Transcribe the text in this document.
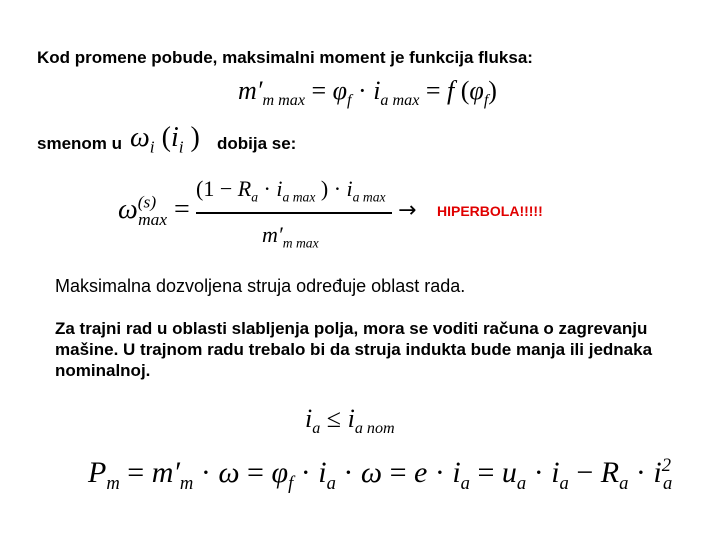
Kod promene pobude, maksimalni moment je funkcija fluksa:
$m'_{m max} = \varphi_f \cdot i_{a max} = f$ $(\varphi_f)$
smenom u $\omega_i$ ($i_i$ ) dobija se:
$\omega^{(s)}_{max}$ =
($1 - R_a \cdot i_{a max}$ ) · $i_{a max}$
$m'_{m max}$
→ HIPERBOLA!!!!!
Maksimalna dozvoljena struja određuje oblast rada.
Za trajni rad u oblasti slabljenja polja, mora se voditi računa o zagrevanju mašine. U trajnom radu trebalo bi da struja indukta bude manja ili jednaka nominalnoj.
$i_a \le i_{a nom}$
$P_m = m'_m \cdot \omega = \varphi_f \cdot i_a \cdot \omega = e \cdot i_a = u_a \cdot i_a - R_a \cdot i^2_a$
